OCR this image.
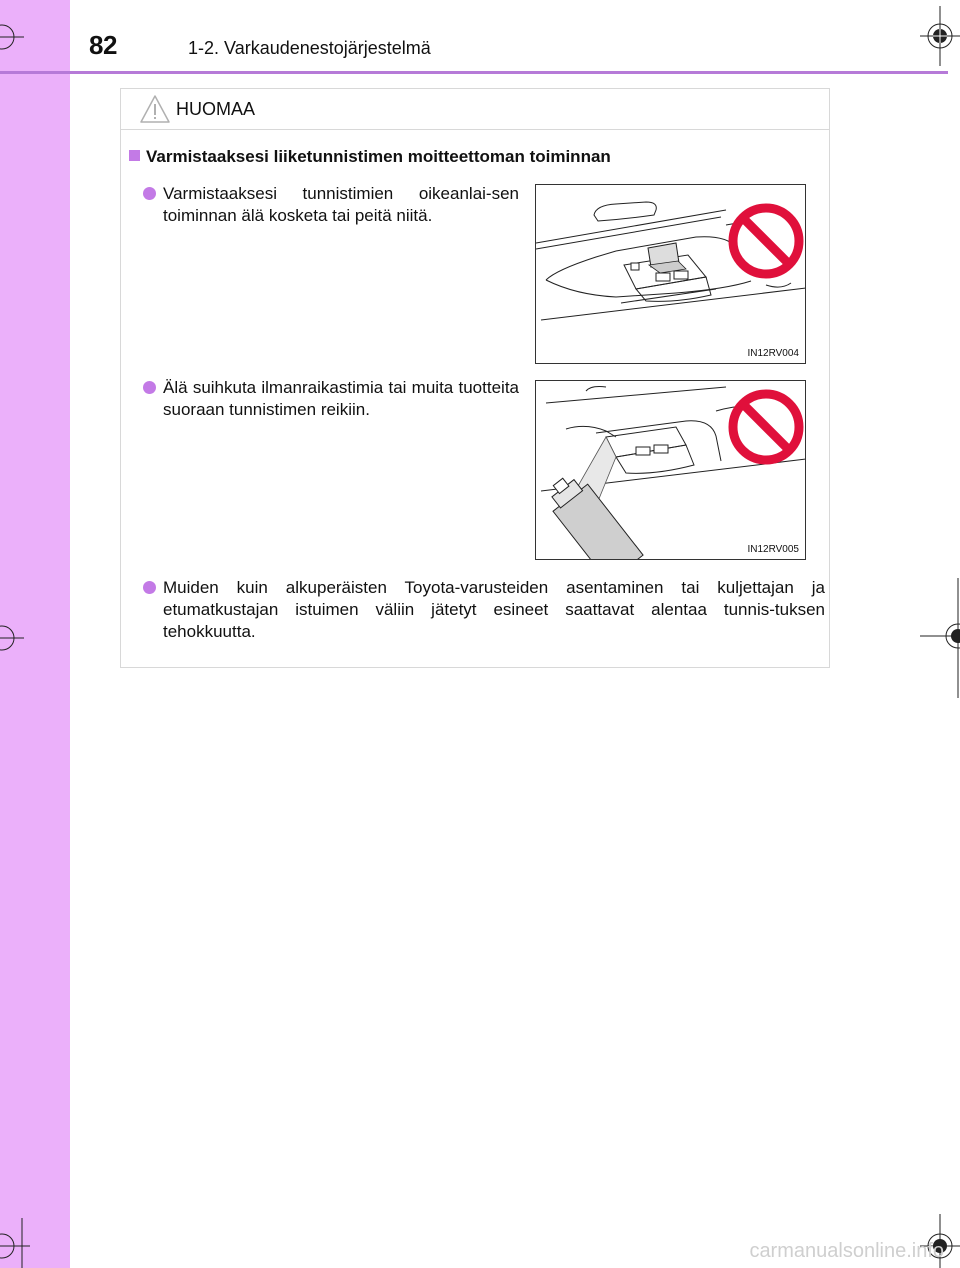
82	1-2. Varkaudenestojärjestelmä
HUOMAA
Varmistaaksesi liiketunnistimen moitteettoman toiminnan
Varmistaaksesi tunnistimien oikeanlai-sen toiminnan älä kosketa tai peitä niitä.
Älä suihkuta ilmanraikastimia tai muita tuotteita suoraan tunnistimen reikiin.
Muiden kuin alkuperäisten Toyota-varusteiden asentaminen tai kuljettajan ja etumatkustajan istuimen väliin jätetyt esineet saattavat alentaa tunnis-tuksen tehokkuutta.
IN12RV004
IN12RV005
carmanualsonline.info
